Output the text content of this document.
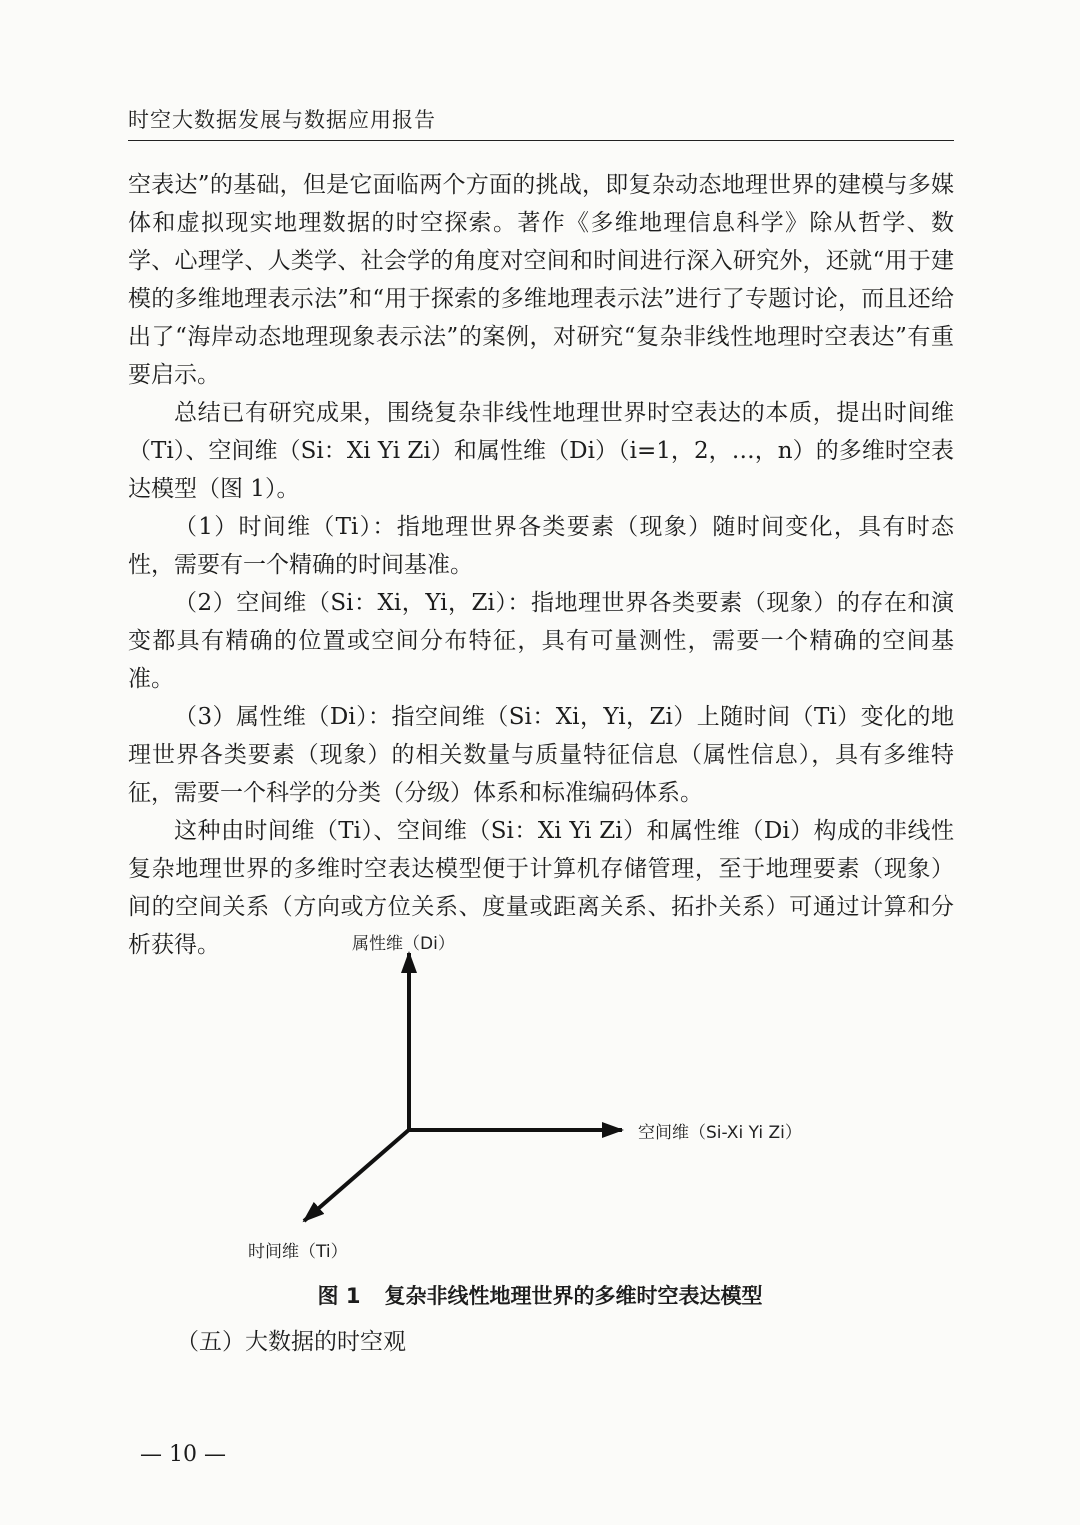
时空大数据发展与数据应用报告

空表达”的基础，但是它面临两个方面的挑战，即复杂动态地理世界的建模与多媒体和虚拟现实地理数据的时空探索。著作《多维地理信息科学》除从哲学、数学、心理学、人类学、社会学的角度对空间和时间进行深入研究外，还就“用于建模的多维地理表示法”和“用于探索的多维地理表示法”进行了专题讨论，而且还给出了“海岸动态地理现象表示法”的案例，对研究“复杂非线性地理时空表达”有重要启示。

总结已有研究成果，围绕复杂非线性地理世界时空表达的本质，提出时间维（Ti）、空间维（Si：Xi Yi Zi）和属性维（Di）（i=1，2，…，n）的多维时空表达模型（图 1）。

（1）时间维（Ti）：指地理世界各类要素（现象）随时间变化，具有时态性，需要有一个精确的时间基准。

（2）空间维（Si：Xi，Yi，Zi）：指地理世界各类要素（现象）的存在和演变都具有精确的位置或空间分布特征，具有可量测性，需要一个精确的空间基准。

（3）属性维（Di）：指空间维（Si：Xi，Yi，Zi）上随时间（Ti）变化的地理世界各类要素（现象）的相关数量与质量特征信息（属性信息），具有多维特征，需要一个科学的分类（分级）体系和标准编码体系。

这种由时间维（Ti）、空间维（Si：Xi Yi Zi）和属性维（Di）构成的非线性复杂地理世界的多维时空表达模型便于计算机存储管理，至于地理要素（现象）间的空间关系（方向或方位关系、度量或距离关系、拓扑关系）可通过计算和分析获得。	属性维（Di）
空间维（Si-Xi Yi Zi）
时间维（Ti）
图 1 复杂非线性地理世界的多维时空表达模型
（五）大数据的时空观
— 10 —
